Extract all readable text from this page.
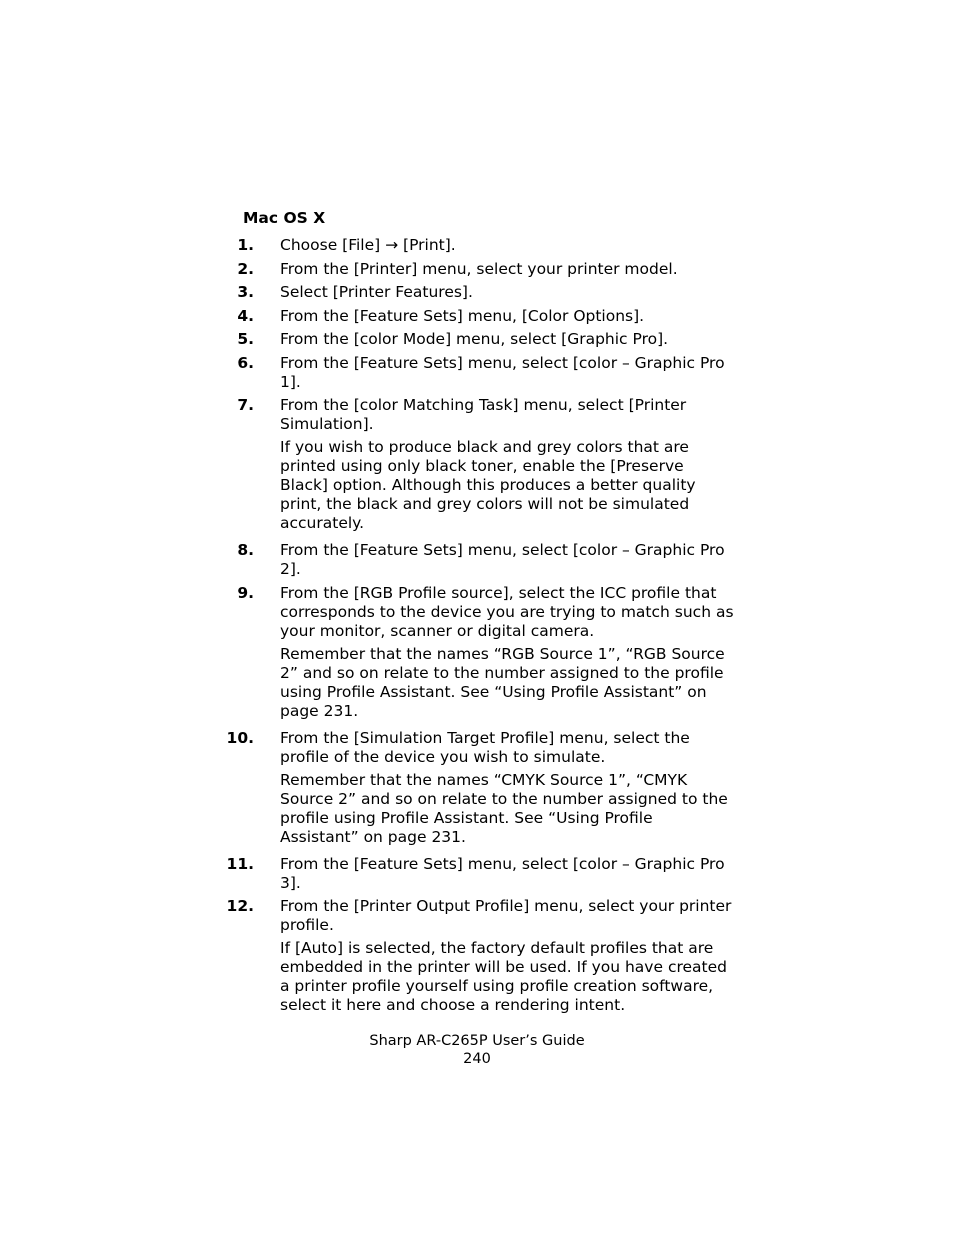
Mac OS X
1. Choose [File] → [Print].

2. From the [Printer] menu, select your printer model.

3. Select [Printer Features].

4. From the [Feature Sets] menu, [Color Options].

5. From the [color Mode] menu, select [Graphic Pro].

6. From the [Feature Sets] menu, select [color – Graphic Pro 1].

7. From the [color Matching Task] menu, select [Printer Simulation].

If you wish to produce black and grey colors that are printed using only black toner, enable the [Preserve Black] option. Although this produces a better quality print, the black and grey colors will not be simulated accurately.

8. From the [Feature Sets] menu, select [color – Graphic Pro 2].

9. From the [RGB Profile source], select the ICC profile that corresponds to the device you are trying to match such as your monitor, scanner or digital camera.

Remember that the names “RGB Source 1”, “RGB Source 2” and so on relate to the number assigned to the profile using Profile Assistant. See “Using Profile Assistant” on page 231.

10. From the [Simulation Target Profile] menu, select the profile of the device you wish to simulate.

Remember that the names “CMYK Source 1”, “CMYK Source 2” and so on relate to the number assigned to the profile using Profile Assistant. See “Using Profile Assistant” on page 231.

11. From the [Feature Sets] menu, select [color – Graphic Pro 3].

12. From the [Printer Output Profile] menu, select your printer profile.

If [Auto] is selected, the factory default profiles that are embedded in the printer will be used. If you have created a printer profile yourself using profile creation software, select it here and choose a rendering intent.

Sharp AR-C265P User’s Guide
240
